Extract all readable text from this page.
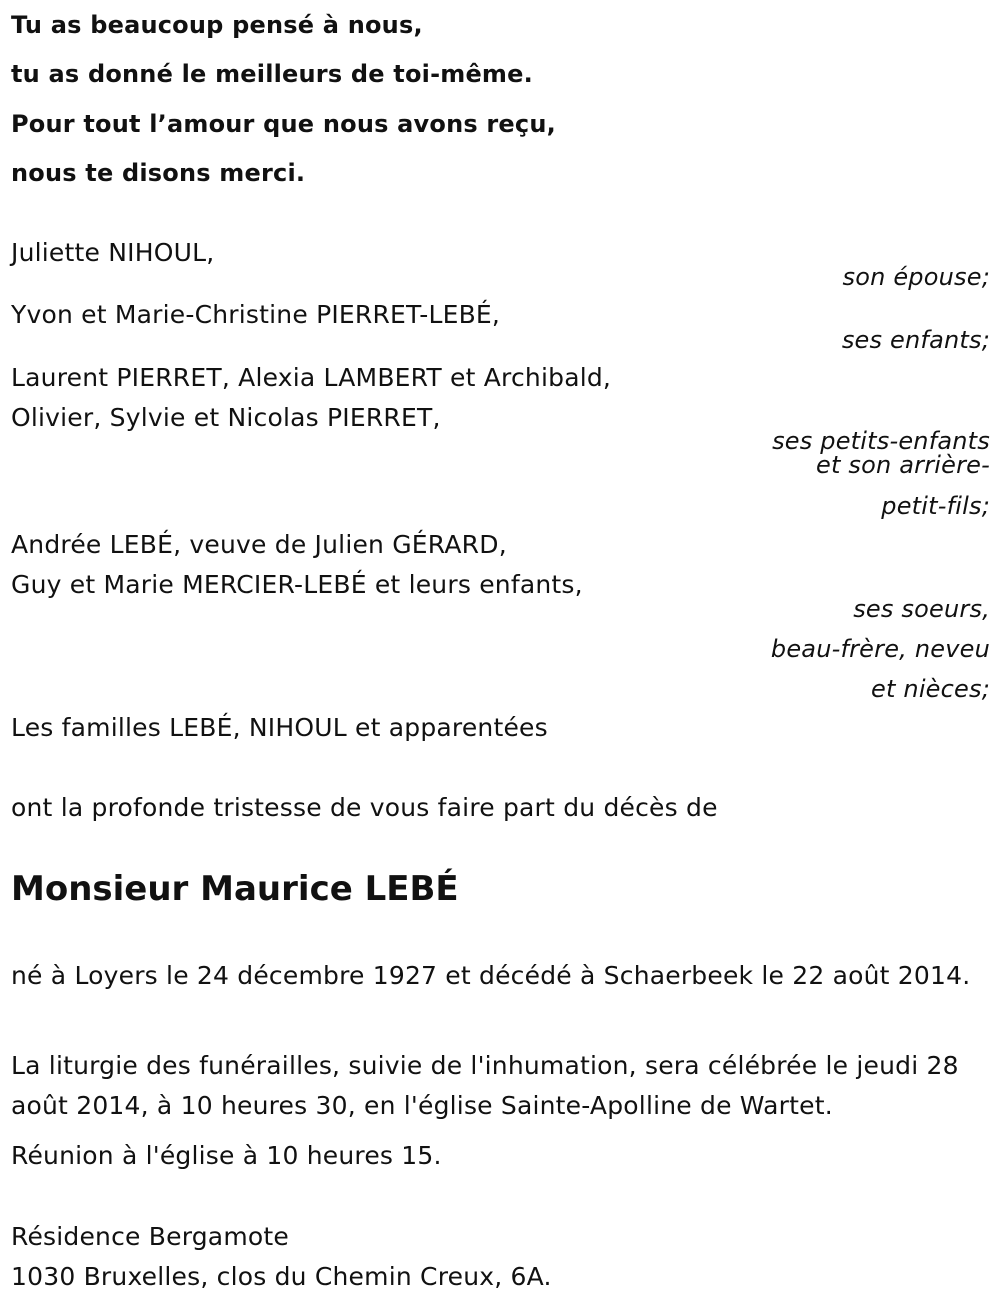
Tu as beaucoup pensé à nous,
tu as donné le meilleurs de toi-même.
Pour tout l’amour que nous avons reçu,
nous te disons merci.
Juliette NIHOUL,
son épouse;
Yvon et Marie-Christine PIERRET-LEBÉ,
ses enfants;
Laurent PIERRET, Alexia LAMBERT et Archibald,
Olivier, Sylvie et Nicolas PIERRET,
ses petits-enfants
et son arrière-
petit-fils;
Andrée LEBÉ, veuve de Julien GÉRARD,
Guy et Marie MERCIER-LEBÉ et leurs enfants,
ses soeurs,
beau-frère, neveu
et nièces;
Les familles LEBÉ, NIHOUL et apparentées
ont la profonde tristesse de vous faire part du décès de
Monsieur Maurice LEBÉ
né à Loyers le 24 décembre 1927 et décédé à Schaerbeek le 22 août 2014.
La liturgie des funérailles, suivie de l'inhumation, sera célébrée le jeudi 28 août 2014, à 10 heures 30, en l'église Sainte-Apolline de Wartet.
Réunion à l'église à 10 heures 15.
Résidence Bergamote
1030 Bruxelles, clos du Chemin Creux, 6A.
